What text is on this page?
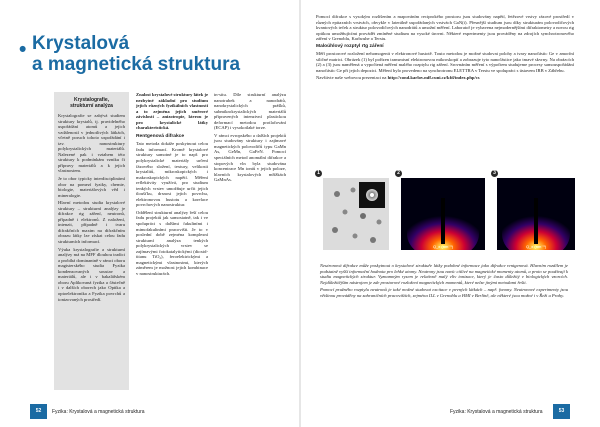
• Krystalová
a magnetická struktura
Krystalografie,
strukturní analýza

Krystalografie se zabývá studiem struktury krystalů, tj. pravidelného uspořádání atomů a jejich vzdáleností v jednotlivých látkách, včetně poruch tohoto uspořádání i tzv. nanostruktury polykrystalických materiálů. Nalezené pak i vztahem této struktury k podmínkám vzniku či přípravy materiálů a k jejich vlastnostem.

Je to obor typicky interdisciplinární obor na pomezí fyziky, chemie, biologie, materiálových věd i mineralogie.

Hlavní metodou studia krystalové struktury – strukturní analýzy je difrakce rtg záření, neutronů, případně i elektronů. Z naložení, intenzit, případně i tvaru difrakčních maxim na difrakčním obrazu látky lze získat celou řadu strukturních informací.

Výuka krystalografie a strukturní analýzy má na MFF dlouhou tradici a probíhá dominantně v rámci oboru magisterského studia Fyzika kondenzovaných soustav a materiálů, ale i v bakalářském oboru Aplikovaná fyzika a částečně i v dalších oborech jako Optika a optoelektronika a Fyzika povrchů a ionizovaných prostředí.

Znalost krystalové struktury látek je nezbytné základní pro studium jejich různých fyzikálních vlastností a to zejména jejich směrové závislosti – anizotropie, kterou je pro krystalické látky charakteristická.

Rentgenová difrakce

Tato metoda dokáže poskytnout celou řadu informací. Kromě krystalové struktury samotné je to např. pro polykrystalické materiály určení fázového složení, textury, velikosti krystalitů, mikroskopických i makroskopických napětí. Měření reflektivity využívá, pro studium tenkých vrstev umožňuje určit jejich tloušťku, drsnost jejich povrchu, elektronovou hustotu a korelace povrchových nanostruktur.

Oddělení strukturní analýzy řeší celou řadu projektů jak samostatně, tak i ve spolupráci s dalšími fakultními i mimofakultními pracovišti. Je to v poslední době zejména komplexní strukturní analýza tenkých polykrystalických vrstev se zajímavými fotokatalytickými (dioxid-titanu TiO₂), feroelektrickými a magnetickými vlastnostmi, kterých záměrem je možnost jejich kombinace v nanostrukturách.

in-situ. Díle strukturní analýzu nanotrubek a nanodrátů, nanokrystalických prášků, submikrokrystalických materiálů připravených intenzivní plastickou deformací metodou protlačování (ECAP) i vysokotlaké torze.

V rámci evropského a dalších projektů jsou studovány struktury i zajímavé magnetických polovodičů typu GaMn As, GeMn, GaFeN. Pomocí speciálních metod anomální difrakce a stopových vln byla studována koncentrace Mn iontů v jejich poloze, hlavních krystalových mřížkách GaMnAs.

Pomocí difrakce s vysokým rozlišením a mapováním reciprokého prostoru jsou studovány napětí, řetězové vrstvy rázové prostředí v různých epitaxních vrstvách, obvykle v laterálně uspořádaných vrstvách GaN(i). Přesnější studium jsou díky strukturám polovodičových kvantových teček a struktur polovodičových nanodrátů a umožní měření. Laboratoř je vybavena nejmodernějšími difraktometry a novou rtg optikou umožňujícími provádět zmíněné studium na vysoké úrovni. Některé experimenty jsou prováděny na zdrojích synchrotronového záření v Grenoblu, Karlsruhe a Terstu.

Maloúhlový rozptyl rtg záření

Měří prostorové rozložení nehomogenit v elektronové hustotě. Touto metodou je možné studovat polohy a tvary nanočástic Ge v amorfní siličné matrici. Obrázek (1) byl pořízen transmisní elektronovou mikroskopií a zobrazuje tyto nanočástice jako tmavé skvrny. Na obrázcích (2) a (3) jsou naměřená a vypočtená měření malého rozptylu rtg záření. Srovnáním měření s výpočtem studujeme procesy samouspořádání nanočástic Ge při jejich depozici. Měření bylo provedeno na synchrotronu ELETTRA v Terstu ve spolupráci s ústavem IRB v Záhřebu.

Navštivte naše webovou prezentaci na http://cond.karlov.mff.cuni.cz/kfd/index.php/cs

1	2	3
Q_x (nm⁻¹)	Q_x (nm⁻¹)

Neutronová difrakce může poskytnout o krystalové struktuře látky podobné informace jako difrakce rentgenová. Hlavním rozdílem je podstatně vyšší informační hodnota pro lehké atomy. Neutrony jsou navíc citlivé na magnetické momenty atomů, a proto se používají k studiu magnetických struktur. Vyznamným rysem je relativně malý vliv ionizace, který je často důležitý v biologických vzorcích. Nejdůležitějším nástrojem je zde prostorové rozložení magnetických momentů, které nelze jinými metodami řešit.

Pomocí pružného rozptylu neutronů je také možné studovat excitace v pevných látkách – např. fonony. Neutronové experimenty jsou většinou prováděny na zahraničních pracovištích, zejména ILL v Grenoblu a HMI v Berlíně, ale některé jsou možné i v Řeži u Prahy.

52	Fyzika: Krystalová a magnetická struktura	Fyzika: Krystalová a magnetická struktura	53
